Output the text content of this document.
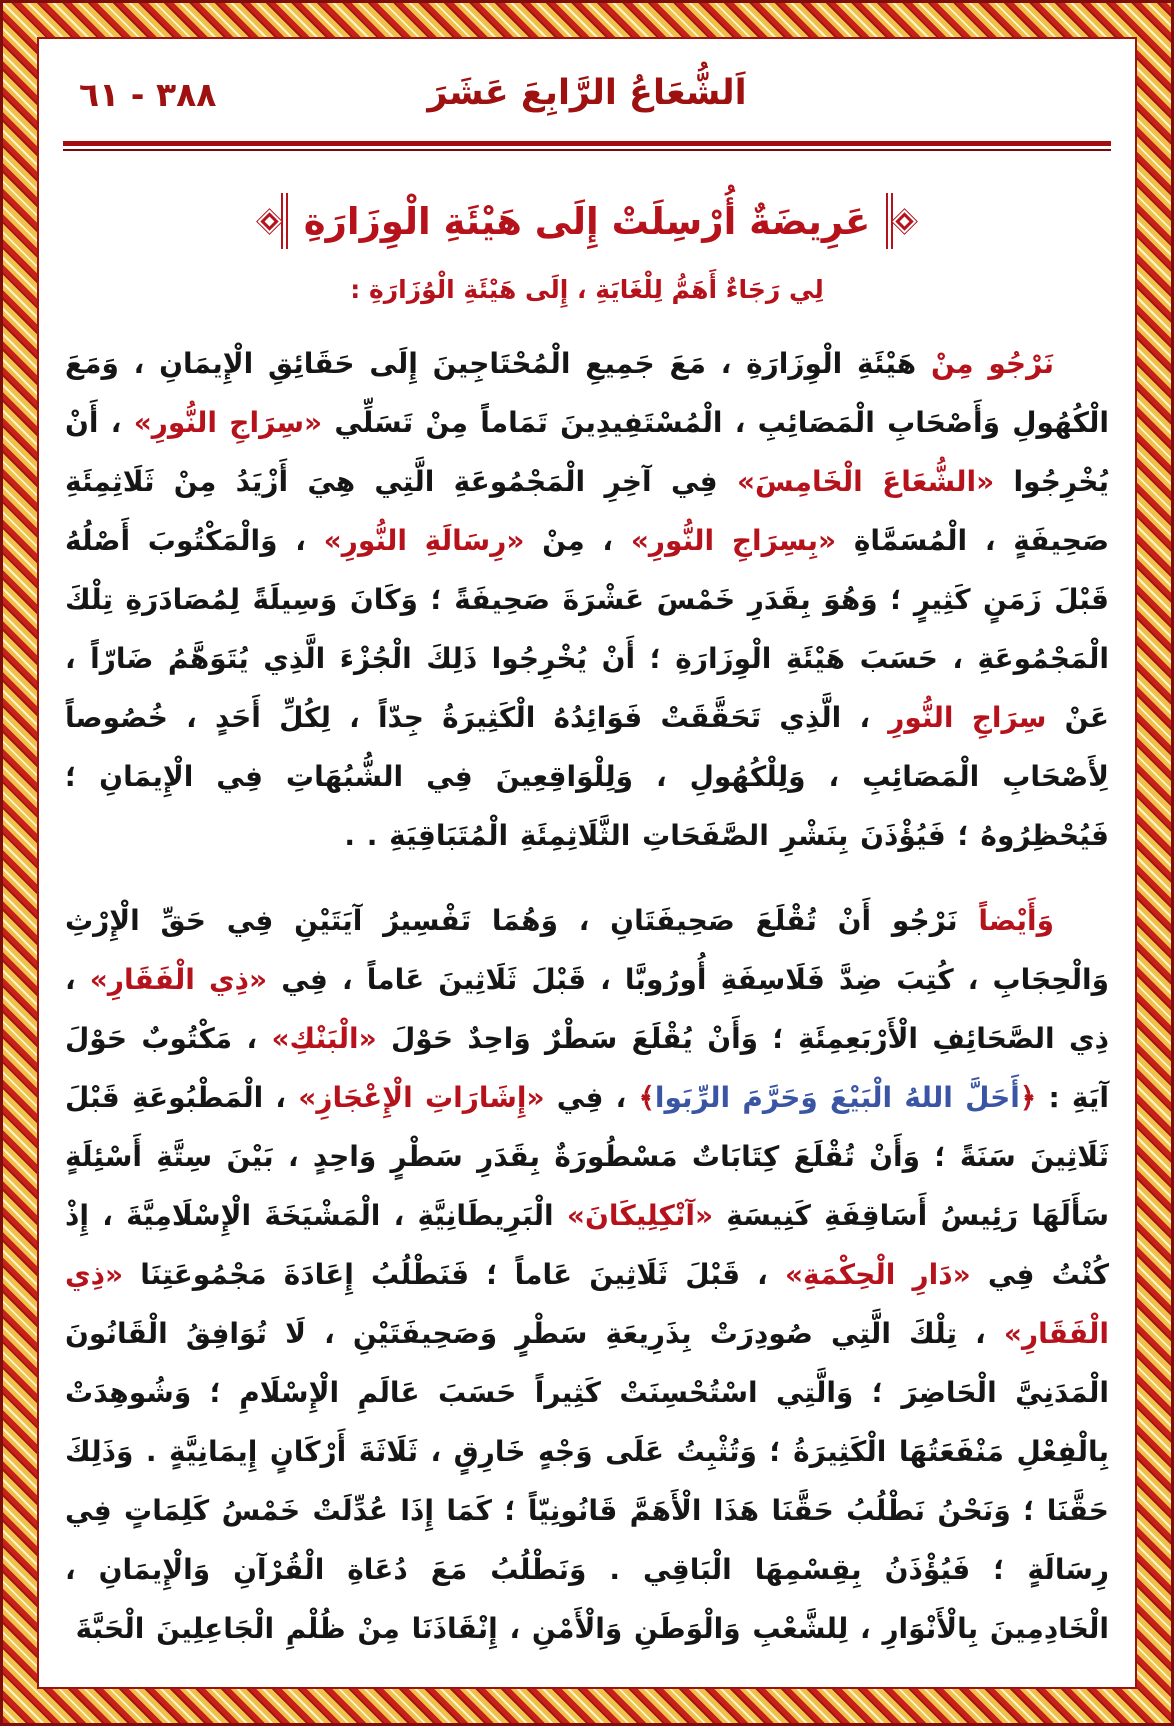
اَلشُّعَاعُ الرَّابِعَ عَشَرَ
٣٨٨ - ٦١
عَرِيضَةٌ أُرْسِلَتْ إِلَى هَيْئَةِ الْوِزَارَةِ
لِي رَجَاءٌ أَهَمُّ لِلْغَايَةِ ، إِلَى هَيْئَةِ الْوُزَارَةِ :

نَرْجُو مِنْ هَيْئَةِ الْوِزَارَةِ ، مَعَ جَمِيعِ الْمُحْتَاجِينَ إِلَى حَقَائِقِ الْإِيمَانِ ، وَمَعَ الْكُهُولِ وَأَصْحَابِ الْمَصَائِبِ ، الْمُسْتَفِيدِينَ تَمَاماً مِنْ تَسَلِّي «سِرَاجِ النُّورِ» ، أَنْ يُخْرِجُوا «الشُّعَاعَ الْخَامِسَ» فِي آخِرِ الْمَجْمُوعَةِ الَّتِي هِيَ أَزْيَدُ مِنْ ثَلَاثِمِئَةِ صَحِيفَةٍ ، الْمُسَمَّاةِ «بِسِرَاجِ النُّورِ» ، مِنْ «رِسَالَةِ النُّورِ» ، وَالْمَكْتُوبَ أَصْلُهُ قَبْلَ زَمَنٍ كَثِيرٍ ؛ وَهُوَ بِقَدَرِ خَمْسَ عَشْرَةَ صَحِيفَةً ؛ وَكَانَ وَسِيلَةً لِمُصَادَرَةِ تِلْكَ الْمَجْمُوعَةِ ، حَسَبَ هَيْئَةِ الْوِزَارَةِ ؛ أَنْ يُخْرِجُوا ذَلِكَ الْجُزْءَ الَّذِي يُتَوَهَّمُ ضَارّاً ، عَنْ سِرَاجِ النُّورِ ، الَّذِي تَحَقَّقَتْ فَوَائِدُهُ الْكَثِيرَةُ جِدّاً ، لِكُلِّ أَحَدٍ ، خُصُوصاً لِأَصْحَابِ الْمَصَائِبِ ، وَلِلْكُهُولِ ، وَلِلْوَاقِعِينَ فِي الشُّبُهَاتِ فِي الْإِيمَانِ ؛ فَيُحْظِرُوهُ ؛ فَيُؤْذَنَ بِنَشْرِ الصَّفَحَاتِ الثَّلَاثِمِئَةِ الْمُتَبَاقِيَةِ . .

وَأَيْضاً نَرْجُو أَنْ تُقْلَعَ صَحِيفَتَانِ ، وَهُمَا تَفْسِيرُ آيَتَيْنِ فِي حَقِّ الْإِرْثِ وَالْحِجَابِ ، كُتِبَ ضِدَّ فَلَاسِفَةِ أُورُوبَّا ، قَبْلَ ثَلَاثِينَ عَاماً ، فِي «ذِي الْفَقَارِ» ، ذِي الصَّحَائِفِ الْأَرْبَعِمِئَةِ ؛ وَأَنْ يُقْلَعَ سَطْرٌ وَاحِدٌ حَوْلَ «الْبَنْكِ» ، مَكْتُوبٌ حَوْلَ آيَةِ : ﴿أَحَلَّ اللهُ الْبَيْعَ وَحَرَّمَ الرِّبَوا﴾ ، فِي «إِشَارَاتِ الْإِعْجَازِ» ، الْمَطْبُوعَةِ قَبْلَ ثَلَاثِينَ سَنَةً ؛ وَأَنْ تُقْلَعَ كِتَابَاتٌ مَسْطُورَةٌ بِقَدَرِ سَطْرٍ وَاحِدٍ ، بَيْنَ سِتَّةِ أَسْئِلَةٍ سَأَلَهَا رَئِيسُ أَسَاقِفَةِ كَنِيسَةِ «آنْكِلِيكَانَ» الْبَرِيطَانِيَّةِ ، الْمَشْيَخَةَ الْإِسْلَامِيَّةَ ، إِذْ كُنْتُ فِي «دَارِ الْحِكْمَةِ» ، قَبْلَ ثَلَاثِينَ عَاماً ؛ فَنَطْلُبُ إِعَادَةَ مَجْمُوعَتِنَا «ذِي الْفَقَارِ» ، تِلْكَ الَّتِي صُودِرَتْ بِذَرِيعَةِ سَطْرٍ وَصَحِيفَتَيْنِ ، لَا تُوَافِقُ الْقَانُونَ الْمَدَنِيَّ الْحَاضِرَ ؛ وَالَّتِي اسْتُحْسِنَتْ كَثِيراً حَسَبَ عَالَمِ الْإِسْلَامِ ؛ وَشُوهِدَتْ بِالْفِعْلِ مَنْفَعَتُهَا الْكَثِيرَةُ ؛ وَتُثْبِتُ عَلَى وَجْهٍ خَارِقٍ ، ثَلَاثَةَ أَرْكَانٍ إِيمَانِيَّةٍ . وَذَلِكَ حَقَّنَا ؛ وَنَحْنُ نَطْلُبُ حَقَّنَا هَذَا الْأَهَمَّ قَانُونِيّاً ؛ كَمَا إِذَا عُدِّلَتْ خَمْسُ كَلِمَاتٍ فِي رِسَالَةٍ ؛ فَيُؤْذَنُ بِقِسْمِهَا الْبَاقِي . وَنَطْلُبُ مَعَ دُعَاةِ الْقُرْآنِ وَالْإِيمَانِ ، الْخَادِمِينَ بِالْأَنْوَارِ ، لِلشَّعْبِ وَالْوَطَنِ وَالْأَمْنِ ، إِنْقَاذَنَا مِنْ ظُلْمِ الْجَاعِلِينَ الْحَبَّةَ
